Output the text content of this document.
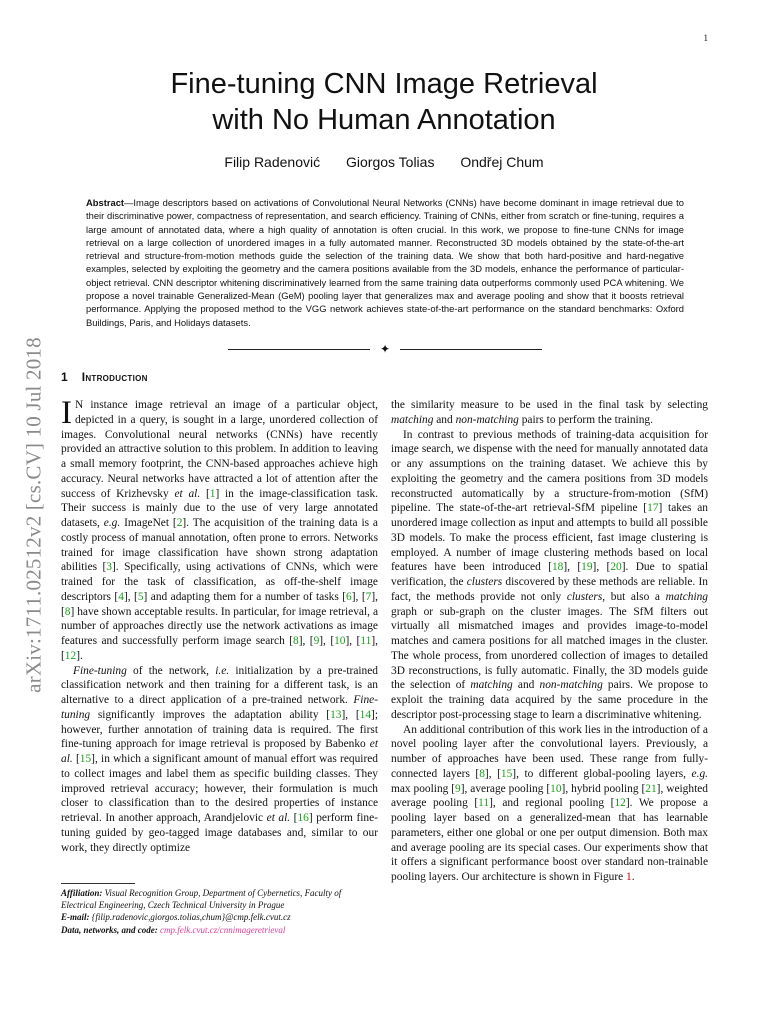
1
arXiv:1711.02512v2 [cs.CV] 10 Jul 2018
Fine-tuning CNN Image Retrieval
with No Human Annotation
Filip Radenović Giorgos Tolias Ondřej Chum
Abstract—Image descriptors based on activations of Convolutional Neural Networks (CNNs) have become dominant in image retrieval due to their discriminative power, compactness of representation, and search efficiency. Training of CNNs, either from scratch or fine-tuning, requires a large amount of annotated data, where a high quality of annotation is often crucial. In this work, we propose to fine-tune CNNs for image retrieval on a large collection of unordered images in a fully automated manner. Reconstructed 3D models obtained by the state-of-the-art retrieval and structure-from-motion methods guide the selection of the training data. We show that both hard-positive and hard-negative examples, selected by exploiting the geometry and the camera positions available from the 3D models, enhance the performance of particular-object retrieval. CNN descriptor whitening discriminatively learned from the same training data outperforms commonly used PCA whitening. We propose a novel trainable Generalized-Mean (GeM) pooling layer that generalizes max and average pooling and show that it boosts retrieval performance. Applying the proposed method to the VGG network achieves state-of-the-art performance on the standard benchmarks: Oxford Buildings, Paris, and Holidays datasets.
✦
1 Introduction

I N instance image retrieval an image of a particular object, depicted in a query, is sought in a large, unordered collection of images. Convolutional neural networks (CNNs) have recently provided an attractive solution to this problem. In addition to leaving a small memory footprint, the CNN-based approaches achieve high accuracy. Neural networks have attracted a lot of attention after the success of Krizhevsky et al. [1] in the image-classification task. Their success is mainly due to the use of very large annotated datasets, e.g. ImageNet [2]. The acquisition of the training data is a costly process of manual annotation, often prone to errors. Networks trained for image classification have shown strong adaptation abilities [3]. Specifically, using activations of CNNs, which were trained for the task of classification, as off-the-shelf image descriptors [4], [5] and adapting them for a number of tasks [6], [7], [8] have shown acceptable results. In particular, for image retrieval, a number of approaches directly use the network activations as image features and successfully perform image search [8], [9], [10], [11], [12].

Fine-tuning of the network, i.e. initialization by a pre-trained classification network and then training for a different task, is an alternative to a direct application of a pre-trained network. Fine-tuning significantly improves the adaptation ability [13], [14]; however, further annotation of training data is required. The first fine-tuning approach for image retrieval is proposed by Babenko et al. [15], in which a significant amount of manual effort was required to collect images and label them as specific building classes. They improved retrieval accuracy; however, their formulation is much closer to classification than to the desired properties of instance retrieval. In another approach, Arandjelovic et al. [16] perform fine-tuning guided by geo-tagged image databases and, similar to our work, they directly optimize

the similarity measure to be used in the final task by selecting matching and non-matching pairs to perform the training.

In contrast to previous methods of training-data acquisition for image search, we dispense with the need for manually annotated data or any assumptions on the training dataset. We achieve this by exploiting the geometry and the camera positions from 3D models reconstructed automatically by a structure-from-motion (SfM) pipeline. The state-of-the-art retrieval-SfM pipeline [17] takes an unordered image collection as input and attempts to build all possible 3D models. To make the process efficient, fast image clustering is employed. A number of image clustering methods based on local features have been introduced [18], [19], [20]. Due to spatial verification, the clusters discovered by these methods are reliable. In fact, the methods provide not only clusters, but also a matching graph or sub-graph on the cluster images. The SfM filters out virtually all mismatched images and provides image-to-model matches and camera positions for all matched images in the cluster. The whole process, from unordered collection of images to detailed 3D reconstructions, is fully automatic. Finally, the 3D models guide the selection of matching and non-matching pairs. We propose to exploit the training data acquired by the same procedure in the descriptor post-processing stage to learn a discriminative whitening.

An additional contribution of this work lies in the introduction of a novel pooling layer after the convolutional layers. Previously, a number of approaches have been used. These range from fully-connected layers [8], [15], to different global-pooling layers, e.g. max pooling [9], average pooling [10], hybrid pooling [21], weighted average pooling [11], and regional pooling [12]. We propose a pooling layer based on a generalized-mean that has learnable parameters, either one global or one per output dimension. Both max and average pooling are its special cases. Our experiments show that it offers a significant performance boost over standard non-trainable pooling layers. Our architecture is shown in Figure 1.

Affiliation: Visual Recognition Group, Department of Cybernetics, Faculty of Electrical Engineering, Czech Technical University in Prague

E-mail: {filip.radenovic,giorgos.tolias,chum}@cmp.felk.cvut.cz

Data, networks, and code: cmp.felk.cvut.cz/cnnimageretrieval
